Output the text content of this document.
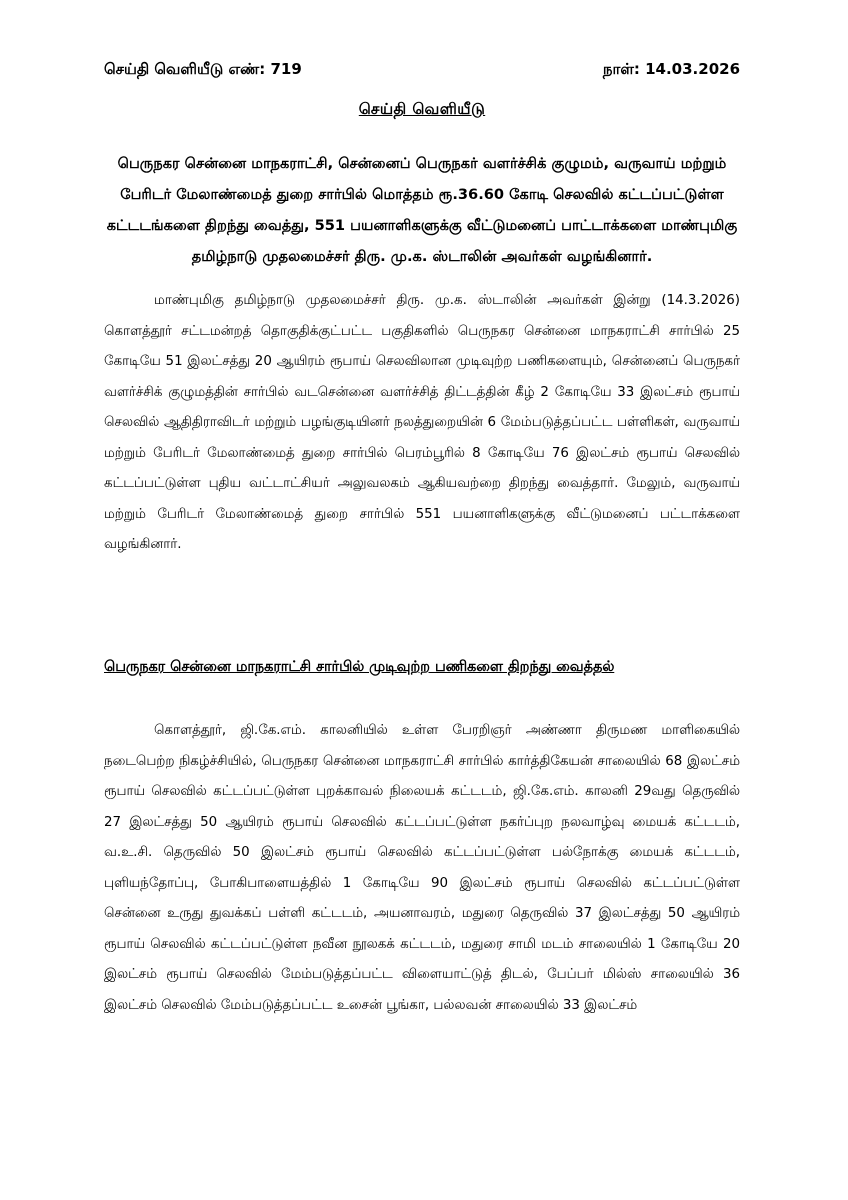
செய்தி வெளியீடு எண்: 719	நாள்: 14.03.2026
செய்தி வெளியீடு

பெருநகர சென்னை மாநகராட்சி, சென்னைப் பெருநகர் வளர்ச்சிக் குழுமம், வருவாய் மற்றும் பேரிடர் மேலாண்மைத் துறை சார்பில் மொத்தம் ரூ.36.60 கோடி செலவில் கட்டப்பட்டுள்ள கட்டடங்களை திறந்து வைத்து, 551 பயனாளிகளுக்கு வீட்டுமனைப் பாட்டாக்களை மாண்புமிகு தமிழ்நாடு முதலமைச்சர் திரு. மு.க. ஸ்டாலின் அவர்கள் வழங்கினார்.

மாண்புமிகு தமிழ்நாடு முதலமைச்சர் திரு. மு.க. ஸ்டாலின் அவர்கள் இன்று (14.3.2026) கொளத்தூர் சட்டமன்றத் தொகுதிக்குட்பட்ட பகுதிகளில் பெருநகர சென்னை மாநகராட்சி சார்பில் 25 கோடியே 51 இலட்சத்து 20 ஆயிரம் ரூபாய் செலவிலான முடிவுற்ற பணிகளையும், சென்னைப் பெருநகர் வளர்ச்சிக் குழுமத்தின் சார்பில் வடசென்னை வளர்ச்சித் திட்டத்தின் கீழ் 2 கோடியே 33 இலட்சம் ரூபாய் செலவில் ஆதிதிராவிடர் மற்றும் பழங்குடியினர் நலத்துறையின் 6 மேம்படுத்தப்பட்ட பள்ளிகள், வருவாய் மற்றும் பேரிடர் மேலாண்மைத் துறை சார்பில் பெரம்பூரில் 8 கோடியே 76 இலட்சம் ரூபாய் செலவில் கட்டப்பட்டுள்ள புதிய வட்டாட்சியர் அலுவலகம் ஆகியவற்றை திறந்து வைத்தார். மேலும், வருவாய் மற்றும் பேரிடர் மேலாண்மைத் துறை சார்பில் 551 பயனாளிகளுக்கு வீட்டுமனைப் பட்டாக்களை வழங்கினார்.

பெருநகர சென்னை மாநகராட்சி சார்பில் முடிவுற்ற பணிகளை திறந்து வைத்தல்

கொளத்தூர், ஜி.கே.எம். காலனியில் உள்ள பேரறிஞர் அண்ணா திருமண மாளிகையில் நடைபெற்ற நிகழ்ச்சியில், பெருநகர சென்னை மாநகராட்சி சார்பில் கார்த்திகேயன் சாலையில் 68 இலட்சம் ரூபாய் செலவில் கட்டப்பட்டுள்ள புறக்காவல் நிலையக் கட்டடம், ஜி.கே.எம். காலனி 29வது தெருவில் 27 இலட்சத்து 50 ஆயிரம் ரூபாய் செலவில் கட்டப்பட்டுள்ள நகர்ப்புற நலவாழ்வு மையக் கட்டடம், வ.உ.சி. தெருவில் 50 இலட்சம் ரூபாய் செலவில் கட்டப்பட்டுள்ள பல்நோக்கு மையக் கட்டடம், புளியந்தோப்பு, போகிபாளையத்தில் 1 கோடியே 90 இலட்சம் ரூபாய் செலவில் கட்டப்பட்டுள்ள சென்னை உருது துவக்கப் பள்ளி கட்டடம், அயனாவரம், மதுரை தெருவில் 37 இலட்சத்து 50 ஆயிரம் ரூபாய் செலவில் கட்டப்பட்டுள்ள நவீன நூலகக் கட்டடம், மதுரை சாமி மடம் சாலையில் 1 கோடியே 20 இலட்சம் ரூபாய் செலவில் மேம்படுத்தப்பட்ட விளையாட்டுத் திடல், பேப்பர் மில்ஸ் சாலையில் 36 இலட்சம் செலவில் மேம்படுத்தப்பட்ட உசைன் பூங்கா, பல்லவன் சாலையில் 33 இலட்சம்
